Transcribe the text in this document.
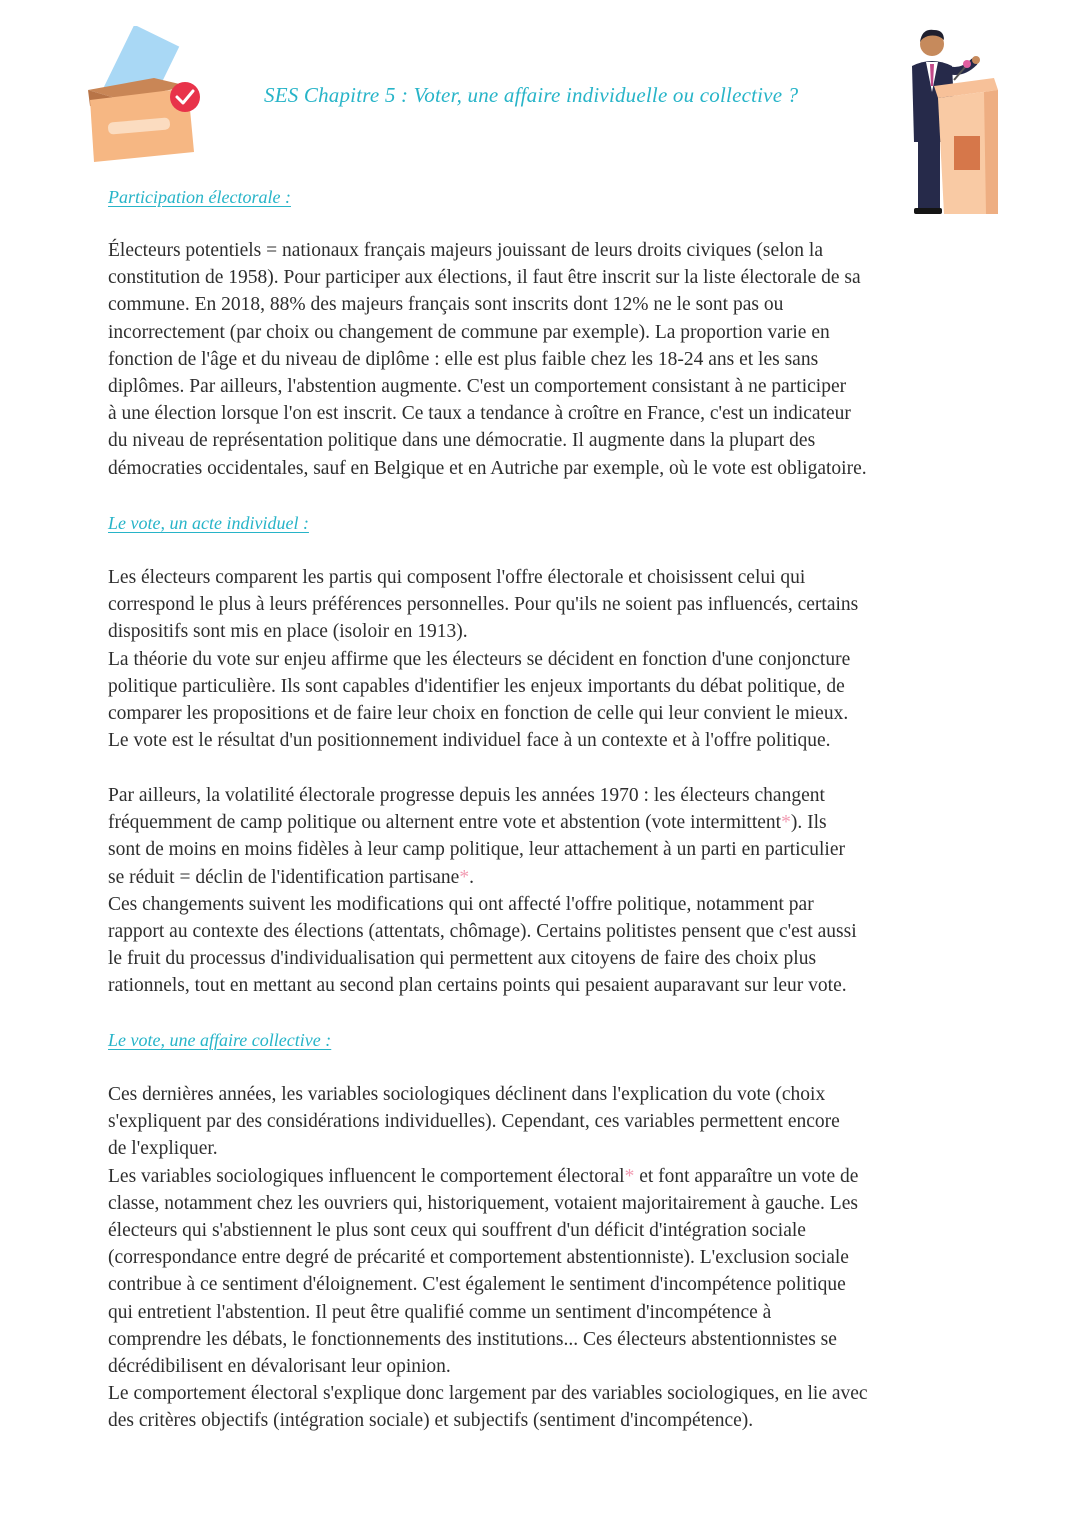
SES Chapitre 5 : Voter, une affaire individuelle ou collective ?
Participation électorale :
Électeurs potentiels = nationaux français majeurs jouissant de leurs droits civiques (selon la
constitution de 1958). Pour participer aux élections, il faut être inscrit sur la liste électorale de sa
commune. En 2018, 88% des majeurs français sont inscrits dont 12% ne le sont pas ou
incorrectement (par choix ou changement de commune par exemple). La proportion varie en
fonction de l'âge et du niveau de diplôme : elle est plus faible chez les 18-24 ans et les sans
diplômes. Par ailleurs, l'abstention augmente. C'est un comportement consistant à ne participer
à une élection lorsque l'on est inscrit. Ce taux a tendance à croître en France, c'est un indicateur
du niveau de représentation politique dans une démocratie. Il augmente dans la plupart des
démocraties occidentales, sauf en Belgique et en Autriche par exemple, où le vote est obligatoire.
Le vote, un acte individuel :
Les électeurs comparent les partis qui composent l'offre électorale et choisissent celui qui
correspond le plus à leurs préférences personnelles. Pour qu'ils ne soient pas influencés, certains
dispositifs sont mis en place (isoloir en 1913).
La théorie du vote sur enjeu affirme que les électeurs se décident en fonction d'une conjoncture
politique particulière. Ils sont capables d'identifier les enjeux importants du débat politique, de
comparer les propositions et de faire leur choix en fonction de celle qui leur convient le mieux.
Le vote est le résultat d'un positionnement individuel face à un contexte et à l'offre politique.
Par ailleurs, la volatilité électorale progresse depuis les années 1970 : les électeurs changent
fréquemment de camp politique ou alternent entre vote et abstention (vote intermittent*). Ils
sont de moins en moins fidèles à leur camp politique, leur attachement à un parti en particulier
se réduit = déclin de l'identification partisane*.
Ces changements suivent les modifications qui ont affecté l'offre politique, notamment par
rapport au contexte des élections (attentats, chômage). Certains politistes pensent que c'est aussi
le fruit du processus d'individualisation qui permettent aux citoyens de faire des choix plus
rationnels, tout en mettant au second plan certains points qui pesaient auparavant sur leur vote.
Le vote, une affaire collective :
Ces dernières années, les variables sociologiques déclinent dans l'explication du vote (choix
s'expliquent par des considérations individuelles). Cependant, ces variables permettent encore
de l'expliquer.
Les variables sociologiques influencent le comportement électoral* et font apparaître un vote de
classe, notamment chez les ouvriers qui, historiquement, votaient majoritairement à gauche. Les
électeurs qui s'abstiennent le plus sont ceux qui souffrent d'un déficit d'intégration sociale
(correspondance entre degré de précarité et comportement abstentionniste). L'exclusion sociale
contribue à ce sentiment d'éloignement. C'est également le sentiment d'incompétence politique
qui entretient l'abstention. Il peut être qualifié comme un sentiment d'incompétence à
comprendre les débats, le fonctionnements des institutions... Ces électeurs abstentionnistes se
décrédibilisent en dévalorisant leur opinion.
Le comportement électoral s'explique donc largement par des variables sociologiques, en lie avec
des critères objectifs (intégration sociale) et subjectifs (sentiment d'incompétence).
